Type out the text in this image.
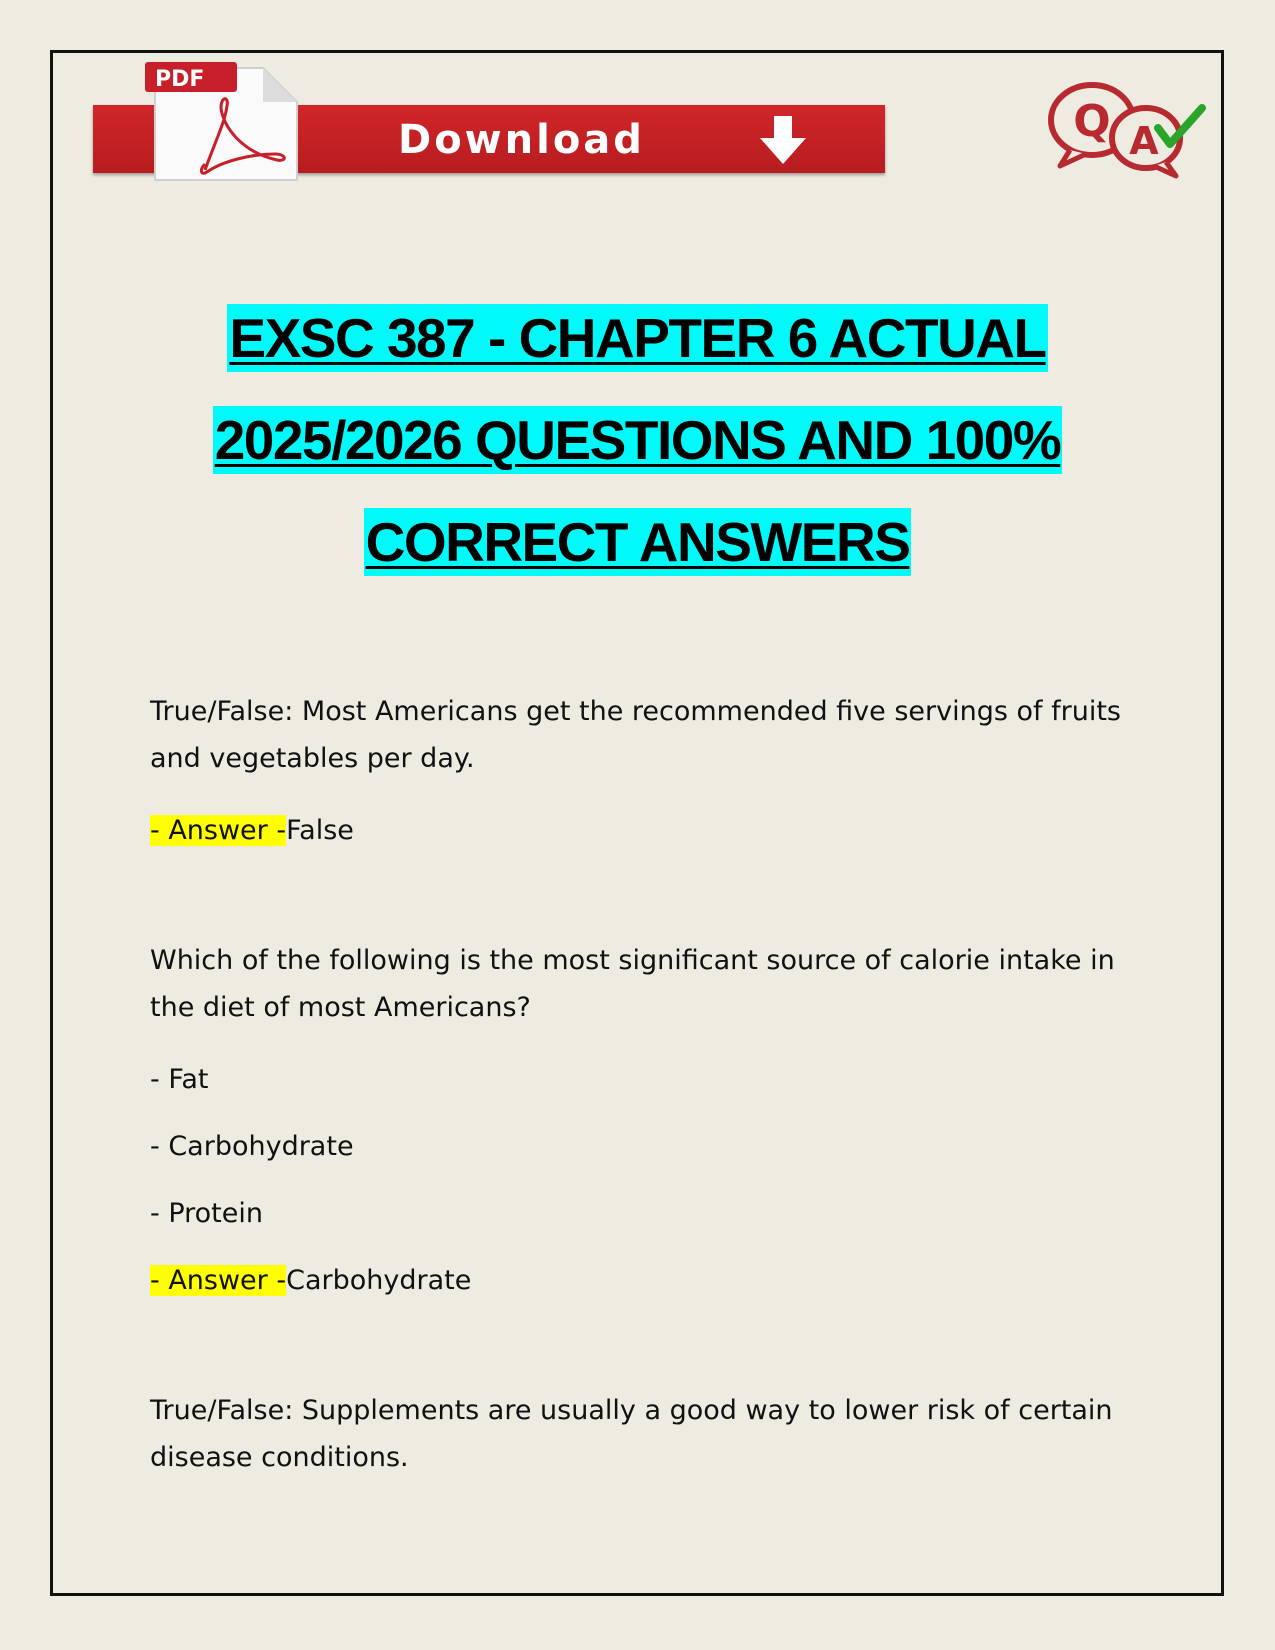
PDF
Download	Q A
EXSC 387 - CHAPTER 6 ACTUAL
2025/2026 QUESTIONS AND 100%
CORRECT ANSWERS

True/False: Most Americans get the recommended five servings of fruits and vegetables per day.

- Answer -False

Which of the following is the most significant source of calorie intake in the diet of most Americans?

- Fat

- Carbohydrate

- Protein

- Answer -Carbohydrate

True/False: Supplements are usually a good way to lower risk of certain disease conditions.
